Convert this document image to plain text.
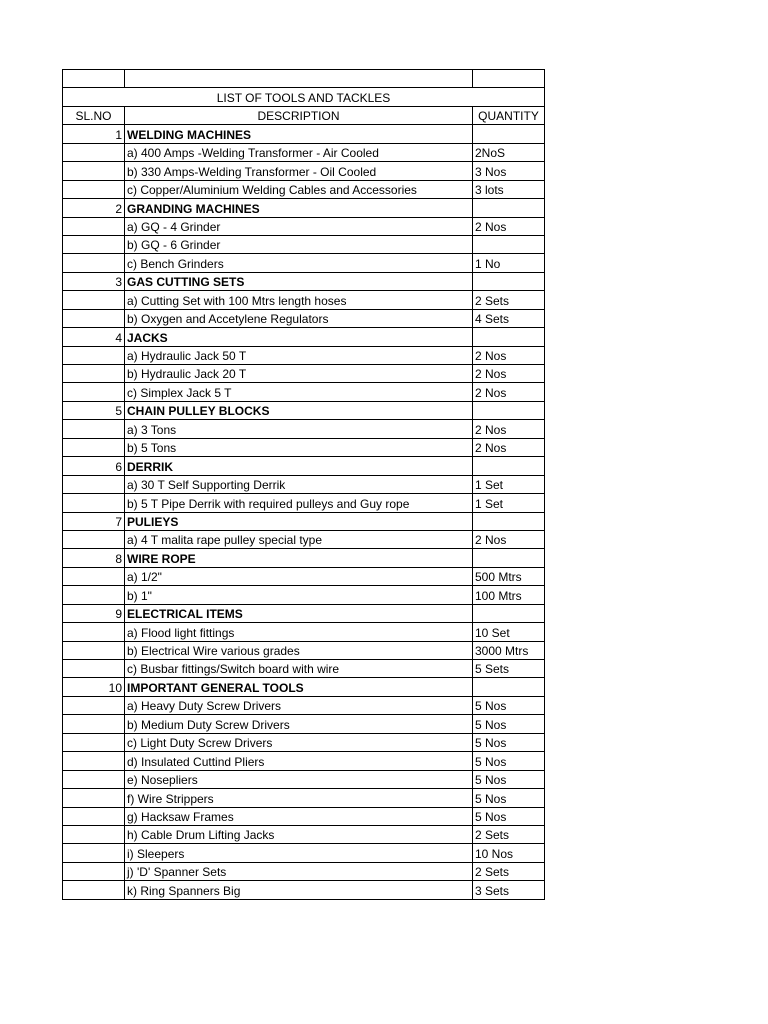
LIST OF TOOLS AND TACKLES		
SL.NO	DESCRIPTION	QUANTITY
1	WELDING MACHINES	
	a) 400 Amps -Welding Transformer - Air Cooled	2NoS
	b) 330 Amps-Welding Transformer - Oil Cooled	3 Nos
	c) Copper/Aluminium Welding Cables and Accessories	3 lots
2	GRANDING MACHINES	
	a) GQ - 4 Grinder	2 Nos
	b) GQ - 6 Grinder	
	c) Bench Grinders	1 No
3	GAS CUTTING SETS	
	a) Cutting Set with 100 Mtrs length hoses	2 Sets
	b) Oxygen and Accetylene Regulators	4 Sets
4	JACKS	
	a) Hydraulic Jack 50 T	2 Nos
	b) Hydraulic Jack 20 T	2 Nos
	c) Simplex Jack 5 T	2 Nos
5	CHAIN PULLEY BLOCKS	
	a) 3 Tons	2 Nos
	b) 5 Tons	2 Nos
6	DERRIK	
	a) 30 T Self Supporting Derrik	1 Set
	b) 5 T Pipe Derrik with required pulleys and Guy rope	1 Set
7	PULIEYS	
	a) 4 T malita rape pulley special type	2 Nos
8	WIRE ROPE	
	a) 1/2"	500 Mtrs
	b) 1"	100 Mtrs
9	ELECTRICAL ITEMS	
	a) Flood light fittings	10 Set
	b) Electrical Wire various grades	3000 Mtrs
	c) Busbar fittings/Switch board with wire	5 Sets
10	IMPORTANT GENERAL TOOLS	
	a) Heavy Duty Screw Drivers	5 Nos
	b) Medium Duty Screw Drivers	5 Nos
	c) Light Duty Screw Drivers	5 Nos
	d) Insulated Cuttind Pliers	5 Nos
	e) Nosepliers	5 Nos
	f) Wire Strippers	5 Nos
	g) Hacksaw Frames	5 Nos
	h) Cable Drum Lifting Jacks	2 Sets
	i) Sleepers	10 Nos
	j) 'D' Spanner Sets	2 Sets
	k) Ring Spanners Big	3 Sets
